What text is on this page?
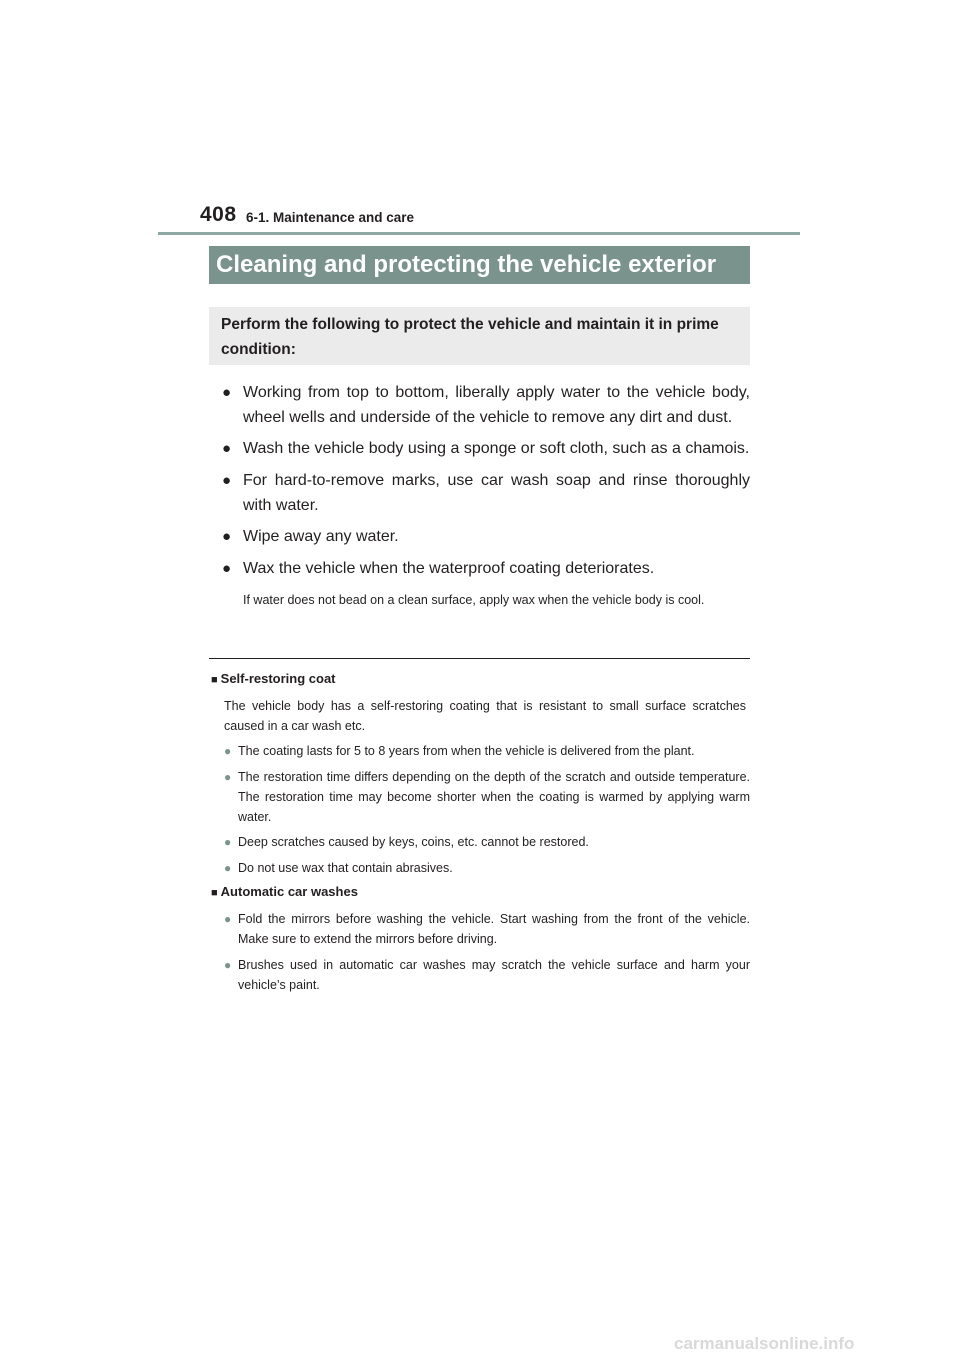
408 6-1. Maintenance and care
Cleaning and protecting the vehicle exterior
Perform the following to protect the vehicle and maintain it in prime condition:
● Working from top to bottom, liberally apply water to the vehicle body, wheel wells and underside of the vehicle to remove any dirt and dust.
● Wash the vehicle body using a sponge or soft cloth, such as a chamois.
● For hard-to-remove marks, use car wash soap and rinse thoroughly with water.
● Wipe away any water.
● Wax the vehicle when the waterproof coating deteriorates.
If water does not bead on a clean surface, apply wax when the vehicle body is cool.
■ Self-restoring coat
The vehicle body has a self-restoring coating that is resistant to small surface scratches caused in a car wash etc.
● The coating lasts for 5 to 8 years from when the vehicle is delivered from the plant.
● The restoration time differs depending on the depth of the scratch and outside temperature. The restoration time may become shorter when the coating is warmed by applying warm water.
● Deep scratches caused by keys, coins, etc. cannot be restored.
● Do not use wax that contain abrasives.
■ Automatic car washes
● Fold the mirrors before washing the vehicle. Start washing from the front of the vehicle. Make sure to extend the mirrors before driving.
● Brushes used in automatic car washes may scratch the vehicle surface and harm your vehicle’s paint.
carmanualsonline.info
